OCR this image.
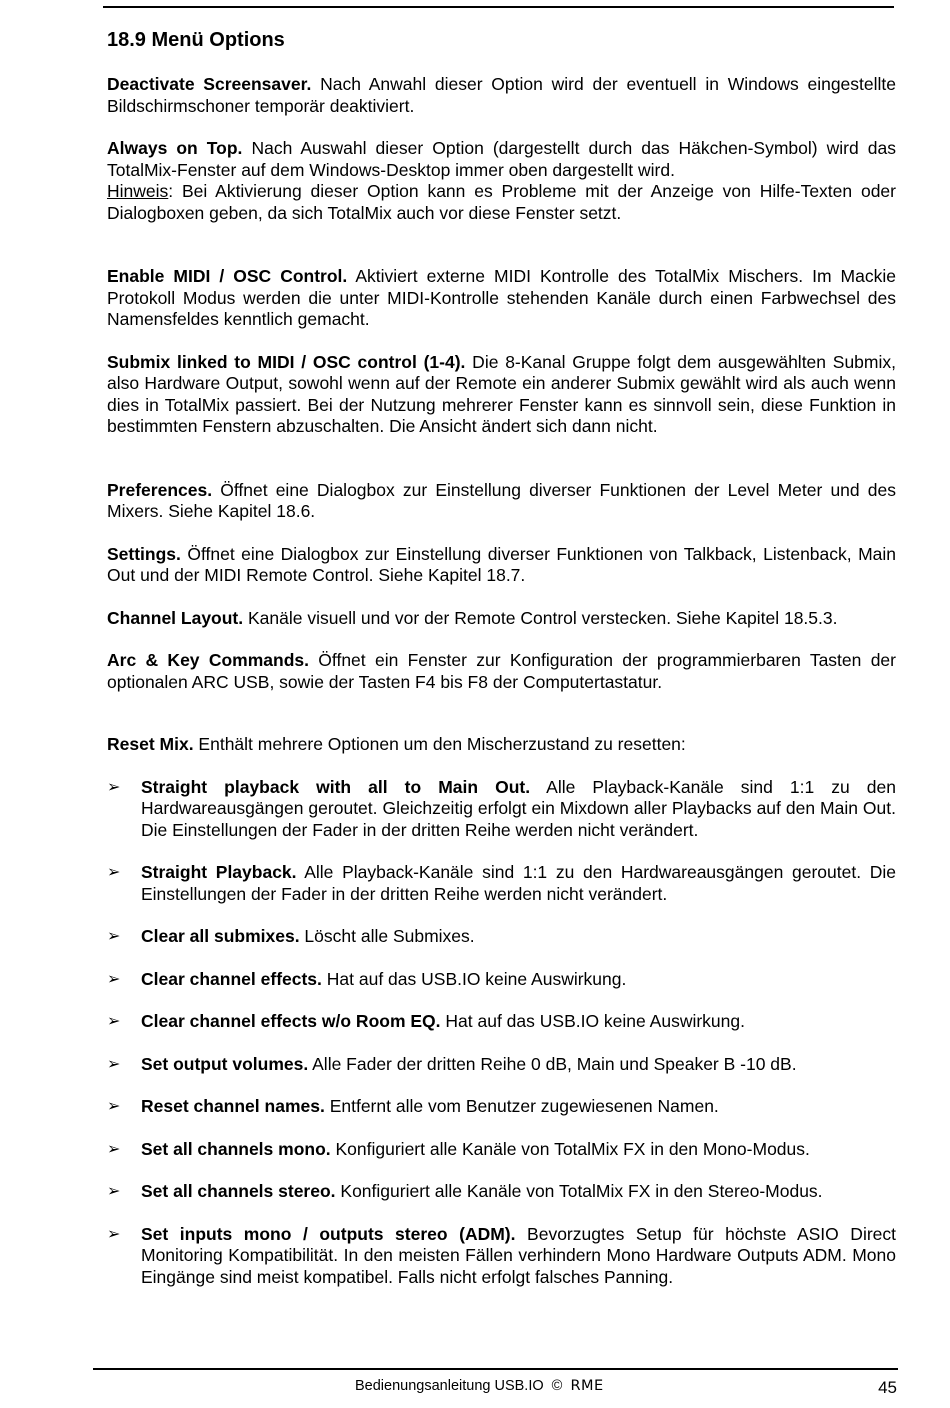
18.9 Menü Options

Deactivate Screensaver. Nach Anwahl dieser Option wird der eventuell in Windows eingestellte Bildschirmschoner temporär deaktiviert.

Always on Top. Nach Auswahl dieser Option (dargestellt durch das Häkchen-Symbol) wird das TotalMix-Fenster auf dem Windows-Desktop immer oben dargestellt wird.

Hinweis: Bei Aktivierung dieser Option kann es Probleme mit der Anzeige von Hilfe-Texten oder Dialogboxen geben, da sich TotalMix auch vor diese Fenster setzt.

Enable MIDI / OSC Control. Aktiviert externe MIDI Kontrolle des TotalMix Mischers. Im Mackie Protokoll Modus werden die unter MIDI-Kontrolle stehenden Kanäle durch einen Farbwechsel des Namensfeldes kenntlich gemacht.

Submix linked to MIDI / OSC control (1-4). Die 8-Kanal Gruppe folgt dem ausgewählten Submix, also Hardware Output, sowohl wenn auf der Remote ein anderer Submix gewählt wird als auch wenn dies in TotalMix passiert. Bei der Nutzung mehrerer Fenster kann es sinnvoll sein, diese Funktion in bestimmten Fenstern abzuschalten. Die Ansicht ändert sich dann nicht.

Preferences. Öffnet eine Dialogbox zur Einstellung diverser Funktionen der Level Meter und des Mixers. Siehe Kapitel 18.6.

Settings. Öffnet eine Dialogbox zur Einstellung diverser Funktionen von Talkback, Listenback, Main Out und der MIDI Remote Control. Siehe Kapitel 18.7.

Channel Layout. Kanäle visuell und vor der Remote Control verstecken. Siehe Kapitel 18.5.3.

Arc & Key Commands. Öffnet ein Fenster zur Konfiguration der programmierbaren Tasten der optionalen ARC USB, sowie der Tasten F4 bis F8 der Computertastatur.

Reset Mix. Enthält mehrere Optionen um den Mischerzustand zu resetten:

➢ Straight playback with all to Main Out. Alle Playback-Kanäle sind 1:1 zu den Hardwareausgängen geroutet. Gleichzeitig erfolgt ein Mixdown aller Playbacks auf den Main Out. Die Einstellungen der Fader in der dritten Reihe werden nicht verändert.
➢ Straight Playback. Alle Playback-Kanäle sind 1:1 zu den Hardwareausgängen geroutet. Die Einstellungen der Fader in der dritten Reihe werden nicht verändert.
➢ Clear all submixes. Löscht alle Submixes.
➢ Clear channel effects. Hat auf das USB.IO keine Auswirkung.
➢ Clear channel effects w/o Room EQ. Hat auf das USB.IO keine Auswirkung.
➢ Set output volumes. Alle Fader der dritten Reihe 0 dB, Main und Speaker B -10 dB.
➢ Reset channel names. Entfernt alle vom Benutzer zugewiesenen Namen.
➢ Set all channels mono. Konfiguriert alle Kanäle von TotalMix FX in den Mono-Modus.
➢ Set all channels stereo. Konfiguriert alle Kanäle von TotalMix FX in den Stereo-Modus.
➢ Set inputs mono / outputs stereo (ADM). Bevorzugtes Setup für höchste ASIO Direct Monitoring Kompatibilität. In den meisten Fällen verhindern Mono Hardware Outputs ADM. Mono Eingänge sind meist kompatibel. Falls nicht erfolgt falsches Panning.
Bedienungsanleitung USB.IO  ©  RME	45
